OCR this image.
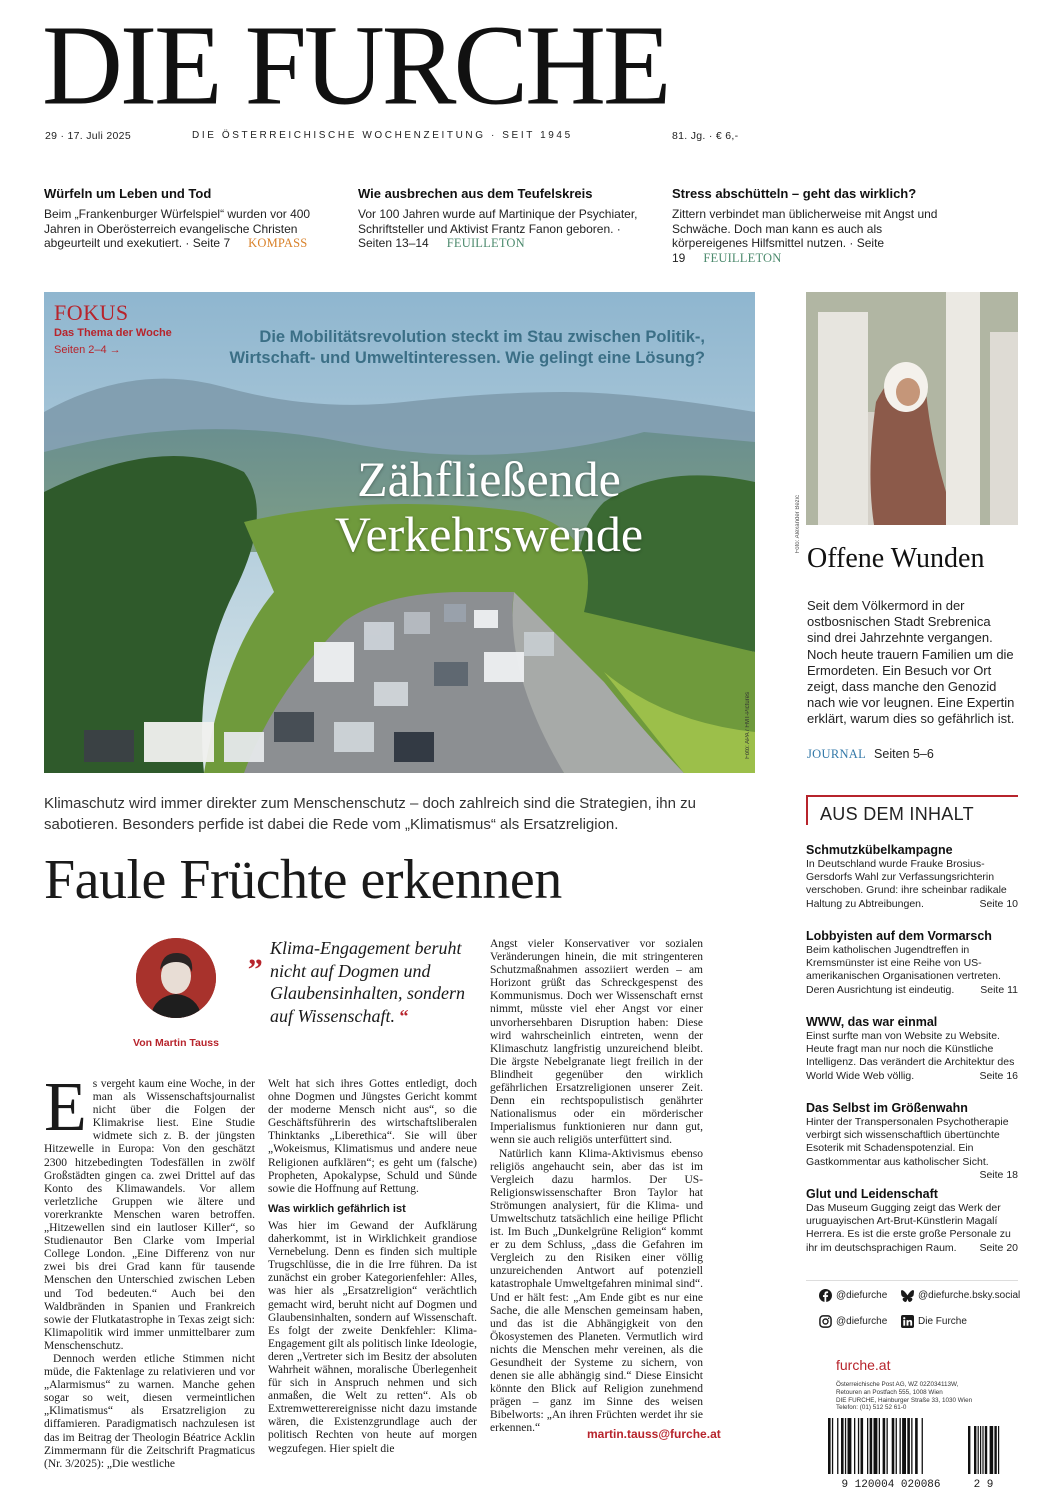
DIE FURCHE
29 · 17. Juli 2025	DIE ÖSTERREICHISCHE WOCHENZEITUNG · SEIT 1945	81. Jg. · € 6,-
Würfeln um Leben und Tod

Beim „Frankenburger Würfelspiel“ wurden vor 400 Jahren in Oberösterreich evangelische Christen abgeurteilt und exekutiert. · Seite 7 KOMPASS

Wie ausbrechen aus dem Teufelskreis

Vor 100 Jahren wurde auf Martinique der Psychiater, Schriftsteller und Aktivist Frantz Fanon geboren. · Seiten 13–14 FEUILLETON

Stress abschütteln – geht das wirklich?

Zittern verbindet man üblicherweise mit Angst und Schwäche. Doch man kann es auch als körpereigenes Hilfsmittel nutzen. · Seite 19 FEUILLETON

FOKUS
Das Thema der Woche
Seiten 2–4 →
Die Mobilitätsrevolution steckt im Stau zwischen Politik-, Wirtschaft- und Umweltinteressen. Wie gelingt eine Lösung?
Zähfließende
Verkehrswende
Foto: APA / FMT-Pictures
Foto: Alexander Bezic
Offene Wunden
Seit dem Völkermord in der ostbosnischen Stadt Srebrenica sind drei Jahrzehnte vergangen. Noch heute trauern Familien um die Ermordeten. Ein Besuch vor Ort zeigt, dass manche den Genozid nach wie vor leugnen. Eine Expertin erklärt, warum dies so gefährlich ist.
JOURNAL Seiten 5–6
AUS DEM INHALT
Schmutzkübelkampagne

In Deutschland wurde Frauke Brosius-Gersdorfs Wahl zur Verfassungsrichterin verschoben. Grund: ihre scheinbar radikale Haltung zu Abtreibungen.	Seite 10

Lobbyisten auf dem Vormarsch

Beim katholischen Jugendtreffen in Kremsmünster ist eine Reihe von US-amerikanischen Organisationen vertreten. Deren Ausrichtung ist eindeutig. Seite 11

WWW, das war einmal

Einst surfte man von Website zu Website. Heute fragt man nur noch die Künstliche Intelligenz. Das verändert die Architektur des World Wide Web völlig.	Seite 16

Das Selbst im Größenwahn

Hinter der Transpersonalen Psychotherapie verbirgt sich wissenschaftlich übertünchte Esoterik mit Schadenspotenzial. Ein Gastkommentar aus katholischer Sicht.
Seite 18

Glut und Leidenschaft

Das Museum Gugging zeigt das Werk der uruguayischen Art-Brut-Künstlerin Magalí Herrera. Es ist die erste große Personale zu ihr im deutschsprachigen Raum. Seite 20

@diefurche	@diefurche.bsky.social
@diefurche	Die Furche
furche.at
Österreichische Post AG, WZ 02Z034113W,
Retouren an Postfach 555, 1008 Wien
DIE FURCHE, Hainburger Straße 33, 1030 Wien
Telefon: (01) 512 52 61-0
9 120004 020086	2 9
Klimaschutz wird immer direkter zum Menschenschutz – doch zahlreich sind die Strategien, ihn zu sabotieren. Besonders perfide ist dabei die Rede vom „Klimatismus“ als Ersatzreligion.
Faule Früchte erkennen
Von Martin Tauss
„ Klima-Engagement beruht nicht auf Dogmen und Glaubensinhalten, sondern auf Wissenschaft. “

Es vergeht kaum eine Woche, in der man als Wissenschaftsjournalist nicht über die Folgen der Klimakrise liest. Eine Studie widmete sich z. B. der jüngsten Hitzewelle in Europa: Von den geschätzt 2300 hitzebedingten Todesfällen in zwölf Großstädten gingen ca. zwei Drittel auf das Konto des Klimawandels. Vor allem verletzliche Gruppen wie ältere und vorerkrankte Menschen waren betroffen. „Hitzewellen sind ein lautloser Killer“, so Studienautor Ben Clarke vom Imperial College London. „Eine Differenz von nur zwei bis drei Grad kann für tausende Menschen den Unterschied zwischen Leben und Tod bedeuten.“ Auch bei den Waldbränden in Spanien und Frankreich sowie der Flutkatastrophe in Texas zeigt sich: Klimapolitik wird immer unmittelbarer zum Menschenschutz.

Dennoch werden etliche Stimmen nicht müde, die Faktenlage zu relativieren und vor „Alarmismus“ zu warnen. Manche gehen sogar so weit, diesen vermeintlichen „Klimatismus“ als Ersatzreligion zu diffamieren. Paradigmatisch nachzulesen ist das im Beitrag der Theologin Béatrice Acklin Zimmermann für die Zeitschrift Pragmaticus (Nr. 3/2025): „Die westliche

Welt hat sich ihres Gottes entledigt, doch ohne Dogmen und Jüngstes Gericht kommt der moderne Mensch nicht aus“, so die Geschäftsführerin des wirtschaftsliberalen Thinktanks „Liberethica“. Sie will über „Wokeismus, Klimatismus und andere neue Religionen aufklären“; es geht um (falsche) Propheten, Apokalypse, Schuld und Sünde sowie die Hoffnung auf Rettung.

Was wirklich gefährlich ist

Was hier im Gewand der Aufklärung daherkommt, ist in Wirklichkeit grandiose Vernebelung. Denn es finden sich multiple Trugschlüsse, die in die Irre führen. Da ist zunächst ein grober Kategorienfehler: Alles, was hier als „Ersatzreligion“ verächtlich gemacht wird, beruht nicht auf Dogmen und Glaubensinhalten, sondern auf Wissenschaft. Es folgt der zweite Denkfehler: Klima-Engagement gilt als politisch linke Ideologie, deren „Vertreter sich im Besitz der absoluten Wahrheit wähnen, moralische Überlegenheit für sich in Anspruch nehmen und sich anmaßen, die Welt zu retten“. Als ob Extremwetterereignisse nicht dazu imstande wären, die Existenzgrundlage auch der politisch Rechten von heute auf morgen wegzufegen. Hier spielt die

Angst vieler Konservativer vor sozialen Veränderungen hinein, die mit stringenteren Schutzmaßnahmen assoziiert werden – am Horizont grüßt das Schreckgespenst des Kommunismus. Doch wer Wissenschaft ernst nimmt, müsste viel eher Angst vor einer unvorhersehbaren Disruption haben: Diese wird wahrscheinlich eintreten, wenn der Klimaschutz langfristig unzureichend bleibt. Die ärgste Nebelgranate liegt freilich in der Blindheit gegenüber den wirklich gefährlichen Ersatzreligionen unserer Zeit. Denn ein rechtspopulistisch genährter Nationalismus oder ein mörderischer Imperialismus funktionieren nur dann gut, wenn sie auch religiös unterfüttert sind.

Natürlich kann Klima-Aktivismus ebenso religiös angehaucht sein, aber das ist im Vergleich dazu harmlos. Der US-Religionswissenschafter Bron Taylor hat Strömungen analysiert, für die Klima- und Umweltschutz tatsächlich eine heilige Pflicht ist. Im Buch „Dunkelgrüne Religion“ kommt er zu dem Schluss, „dass die Gefahren im Vergleich zu den Risiken einer völlig unzureichenden Antwort auf potenziell katastrophale Umweltgefahren minimal sind“. Und er hält fest: „Am Ende gibt es nur eine Sache, die alle Menschen gemeinsam haben, und das ist die Abhängigkeit von den Ökosystemen des Planeten. Vermutlich wird nichts die Menschen mehr vereinen, als die Gesundheit der Systeme zu sichern, von denen sie alle abhängig sind.“ Diese Einsicht könnte den Blick auf Religion zunehmend prägen – ganz im Sinne des weisen Bibelworts: „An ihren Früchten werdet ihr sie erkennen.“	martin.tauss@furche.at
